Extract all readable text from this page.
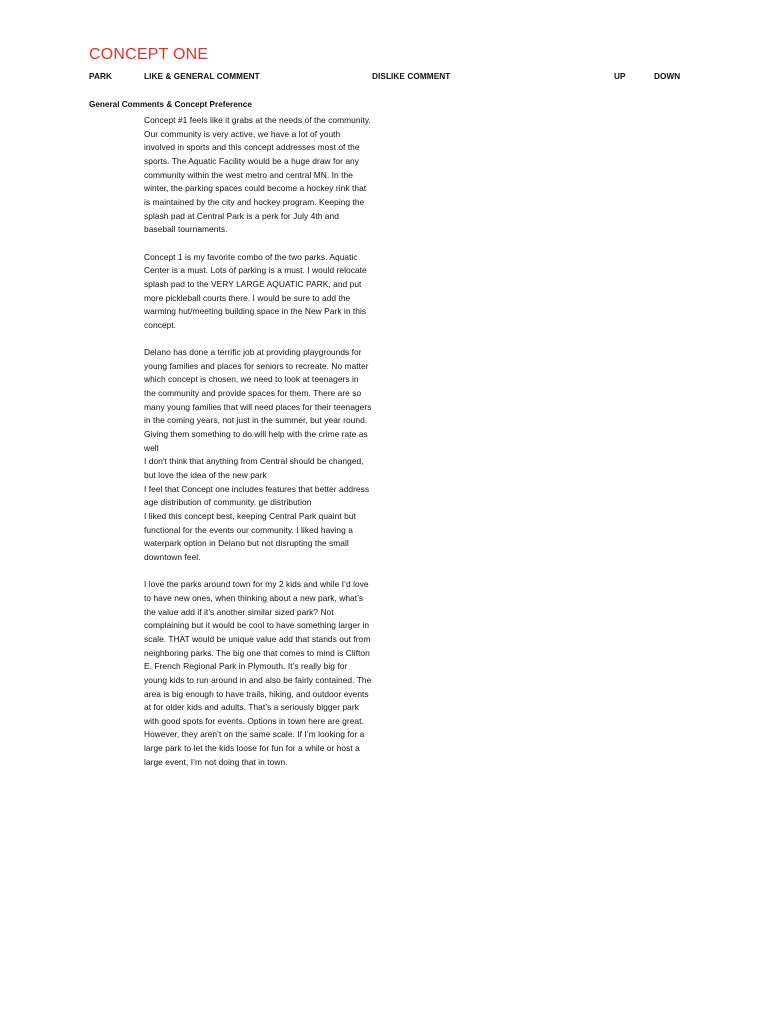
CONCEPT ONE
PARK	LIKE & GENERAL COMMENT	DISLIKE COMMENT	UP	DOWN
General Comments & Concept Preference

Concept #1 feels like it grabs at the needs of the community. Our community is very active, we have a lot of youth involved in sports and this concept addresses most of the sports. The Aquatic Facility would be a huge draw for any community within the west metro and central MN. In the winter, the parking spaces could become a hockey rink that is maintained by the city and hockey program. Keeping the splash pad at Central Park is a perk for July 4th and baseball tournaments.

Concept 1 is my favorite combo of the two parks. Aquatic Center is a must. Lots of parking is a must. I would relocate splash pad to the VERY LARGE AQUATIC PARK, and put more pickleball courts there. I would be sure to add the warming hut/meeting building space in the New Park in this concept.

Delano has done a terrific job at providing playgrounds for young families and places for seniors to recreate. No matter which concept is chosen, we need to look at teenagers in the community and provide spaces for them. There are so many young families that will need places for their teenagers in the coming years, not just in the summer, but year round. Giving them something to do will help with the crime rate as well

I don't think that anything from Central should be changed, but love the idea of the new park

I feel that Concept one includes features that better address age distribution of community. ge distribution

I liked this concept best, keeping Central Park quaint but functional for the events our community. I liked having a waterpark option in Delano but not disrupting the small downtown feel.

I love the parks around town for my 2 kids and while I’d love to have new ones, when thinking about a new park, what’s the value add if it’s another similar sized park? Not complaining but it would be cool to have something larger in scale. THAT would be unique value add that stands out from neighboring parks. The big one that comes to mind is Clifton E. French Regional Park in Plymouth. It’s really big for young kids to run around in and also be fairly contained. The area is big enough to have trails, hiking, and outdoor events at for older kids and adults. That’s a seriously bigger park with good spots for events. Options in town here are great. However, they aren’t on the same scale. If I’m looking for a large park to let the kids loose for fun for a while or host a large event, I’m not doing that in town.
